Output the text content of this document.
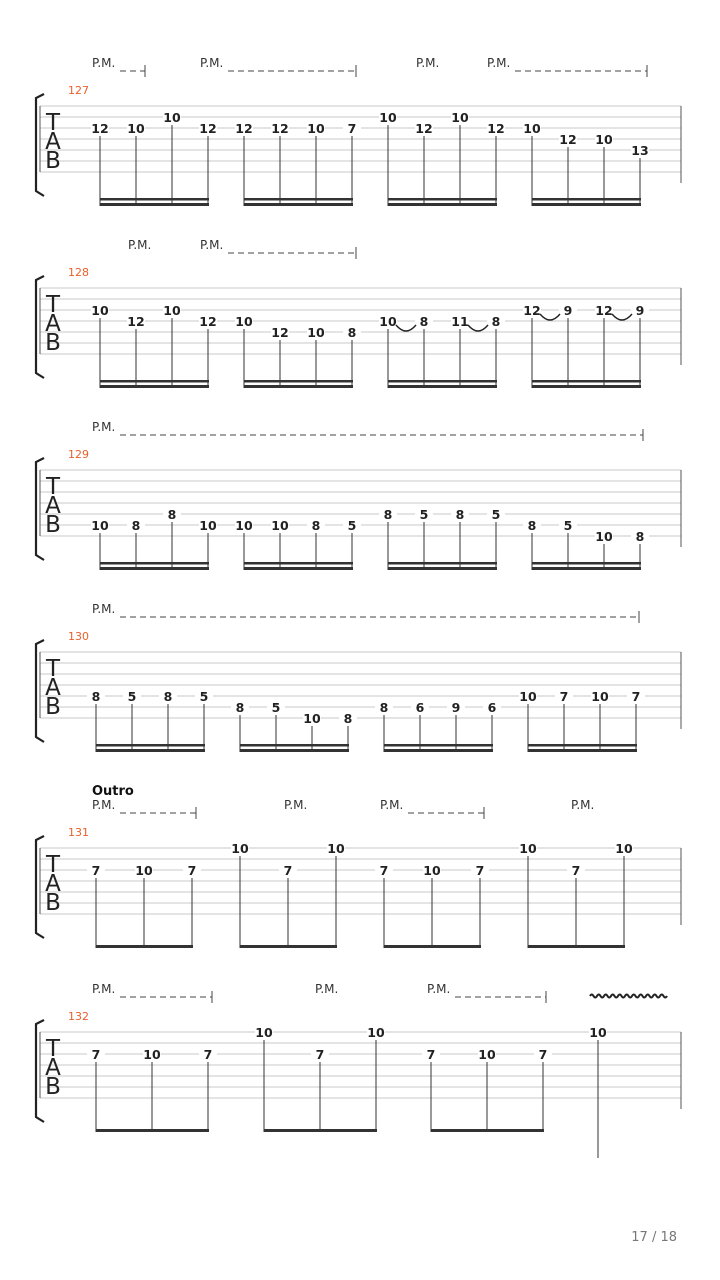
T
A
B
127
P.M.	P.M.	P.M.	P.M.
12 10
10
12 12 12 10 7
10
12
10
12 10
12 10
13
T
A
B
128
P.M.	P.M.
10
12
10
12 10
12 10 8
10 8 11 8
12 9 12 9
T
A
B
129
P.M.
10 8
8
10 10 10 8 5
8 5 8 5
8 5
10 8
T
A
B
130
P.M.
8 5 8 5
8 5
10 8
8 6 9 6
10 7 10 7
T
A
B
131
Outro
P.M.	P.M.	P.M.	P.M.
7	10	7
10
7
10
7	10	7
10
7
10
T
A
B
132
P.M.	P.M.	P.M.
7	10	7
10
7
10
7	10	7
10
17 / 18
